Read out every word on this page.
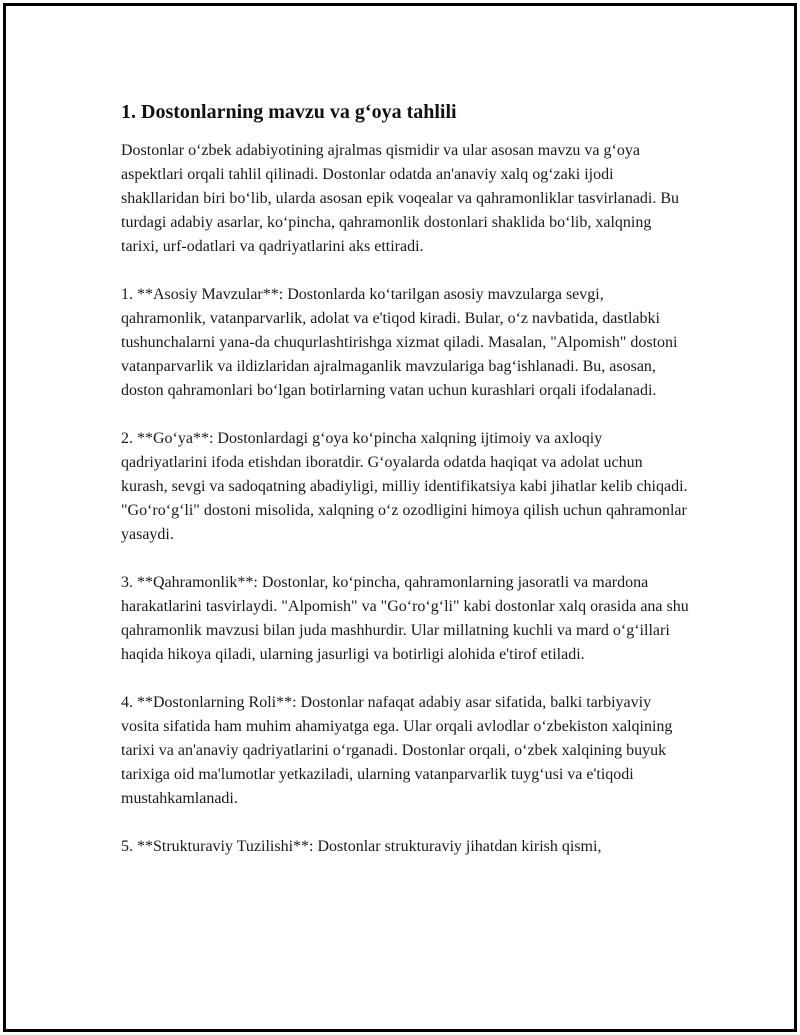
1. Dostonlarning mavzu va g‘oya tahlili

Dostonlar o‘zbek adabiyotining ajralmas qismidir va ular asosan mavzu va g‘oya aspektlari orqali tahlil qilinadi. Dostonlar odatda an'anaviy xalq og‘zaki ijodi shakllaridan biri bo‘lib, ularda asosan epik voqealar va qahramonliklar tasvirlanadi. Bu turdagi adabiy asarlar, ko‘pincha, qahramonlik dostonlari shaklida bo‘lib, xalqning tarixi, urf-odatlari va qadriyatlarini aks ettiradi.

1. **Asosiy Mavzular**: Dostonlarda ko‘tarilgan asosiy mavzularga sevgi, qahramonlik, vatanparvarlik, adolat va e'tiqod kiradi. Bular, o‘z navbatida, dastlabki tushunchalarni yana-da chuqurlashtirishga xizmat qiladi. Masalan, "Alpomish" dostoni vatanparvarlik va ildizlaridan ajralmaganlik mavzulariga bag‘ishlanadi. Bu, asosan, doston qahramonlari bo‘lgan botirlarning vatan uchun kurashlari orqali ifodalanadi.

2. **Go‘ya**: Dostonlardagi g‘oya ko‘pincha xalqning ijtimoiy va axloqiy qadriyatlarini ifoda etishdan iboratdir. G‘oyalarda odatda haqiqat va adolat uchun kurash, sevgi va sadoqatning abadiyligi, milliy identifikatsiya kabi jihatlar kelib chiqadi. "Go‘ro‘g‘li" dostoni misolida, xalqning o‘z ozodligini himoya qilish uchun qahramonlar yasaydi.

3. **Qahramonlik**: Dostonlar, ko‘pincha, qahramonlarning jasoratli va mardona harakatlarini tasvirlaydi. "Alpomish" va "Go‘ro‘g‘li" kabi dostonlar xalq orasida ana shu qahramonlik mavzusi bilan juda mashhurdir. Ular millatning kuchli va mard o‘g‘illari haqida hikoya qiladi, ularning jasurligi va botirligi alohida e'tirof etiladi.

4. **Dostonlarning Roli**: Dostonlar nafaqat adabiy asar sifatida, balki tarbiyaviy vosita sifatida ham muhim ahamiyatga ega. Ular orqali avlodlar o‘zbekiston xalqining tarixi va an'anaviy qadriyatlarini o‘rganadi. Dostonlar orqali, o‘zbek xalqining buyuk tarixiga oid ma'lumotlar yetkaziladi, ularning vatanparvarlik tuyg‘usi va e'tiqodi mustahkamlanadi.

5. **Strukturaviy Tuzilishi**: Dostonlar strukturaviy jihatdan kirish qismi,
